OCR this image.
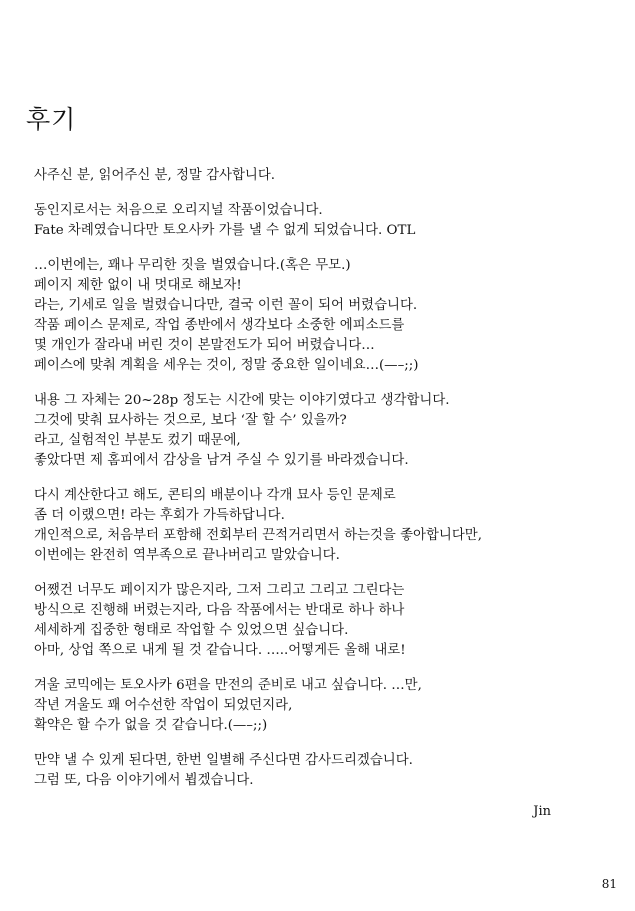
후기
사주신 분, 읽어주신 분, 정말 감사합니다.
동인지로서는 처음으로 오리지널 작품이었습니다.
Fate 차례였습니다만 토오사카 가를 낼 수 없게 되었습니다. OTL
…이번에는, 꽤나 무리한 짓을 벌였습니다.(혹은 무모.)
페이지 제한 없이 내 멋대로 해보자!
라는, 기세로 일을 벌렸습니다만, 결국 이런 꼴이 되어 버렸습니다.
작품 페이스 문제로, 작업 종반에서 생각보다 소중한 에피소드를
몇 개인가 잘라내 버린 것이 본말전도가 되어 버렸습니다…
페이스에 맞춰 계획을 세우는 것이, 정말 중요한 일이네요…(—–;;)
내용 그 자체는 20~28p 정도는 시간에 맞는 이야기였다고 생각합니다.
그것에 맞춰 묘사하는 것으로, 보다 ‘잘 할 수’ 있을까?
라고, 실험적인 부분도 컸기 때문에,
좋았다면 제 홈피에서 감상을 남겨 주실 수 있기를 바라겠습니다.
다시 계산한다고 해도, 콘티의 배분이나 각개 묘사 등인 문제로
좀 더 이랬으면! 라는 후회가 가득하답니다.
개인적으로, 처음부터 포함해 전회부터 끈적거리면서 하는것을 좋아합니다만,
이번에는 완전히 역부족으로 끝나버리고 말았습니다.
어쨌건 너무도 페이지가 많은지라, 그저 그리고 그리고 그린다는
방식으로 진행해 버렸는지라, 다음 작품에서는 반대로 하나 하나
세세하게 집중한 형태로 작업할 수 있었으면 싶습니다.
아마, 상업 쪽으로 내게 될 것 같습니다. …..어떻게든 올해 내로!
겨울 코믹에는 토오사카 6편을 만전의 준비로 내고 싶습니다. …만,
작년 겨울도 꽤 어수선한 작업이 되었던지라,
확약은 할 수가 없을 것 같습니다.(—–;;)
만약 낼 수 있게 된다면, 한번 일별해 주신다면 감사드리겠습니다.
그럼 또, 다음 이야기에서 뵙겠습니다.
Jin
81
